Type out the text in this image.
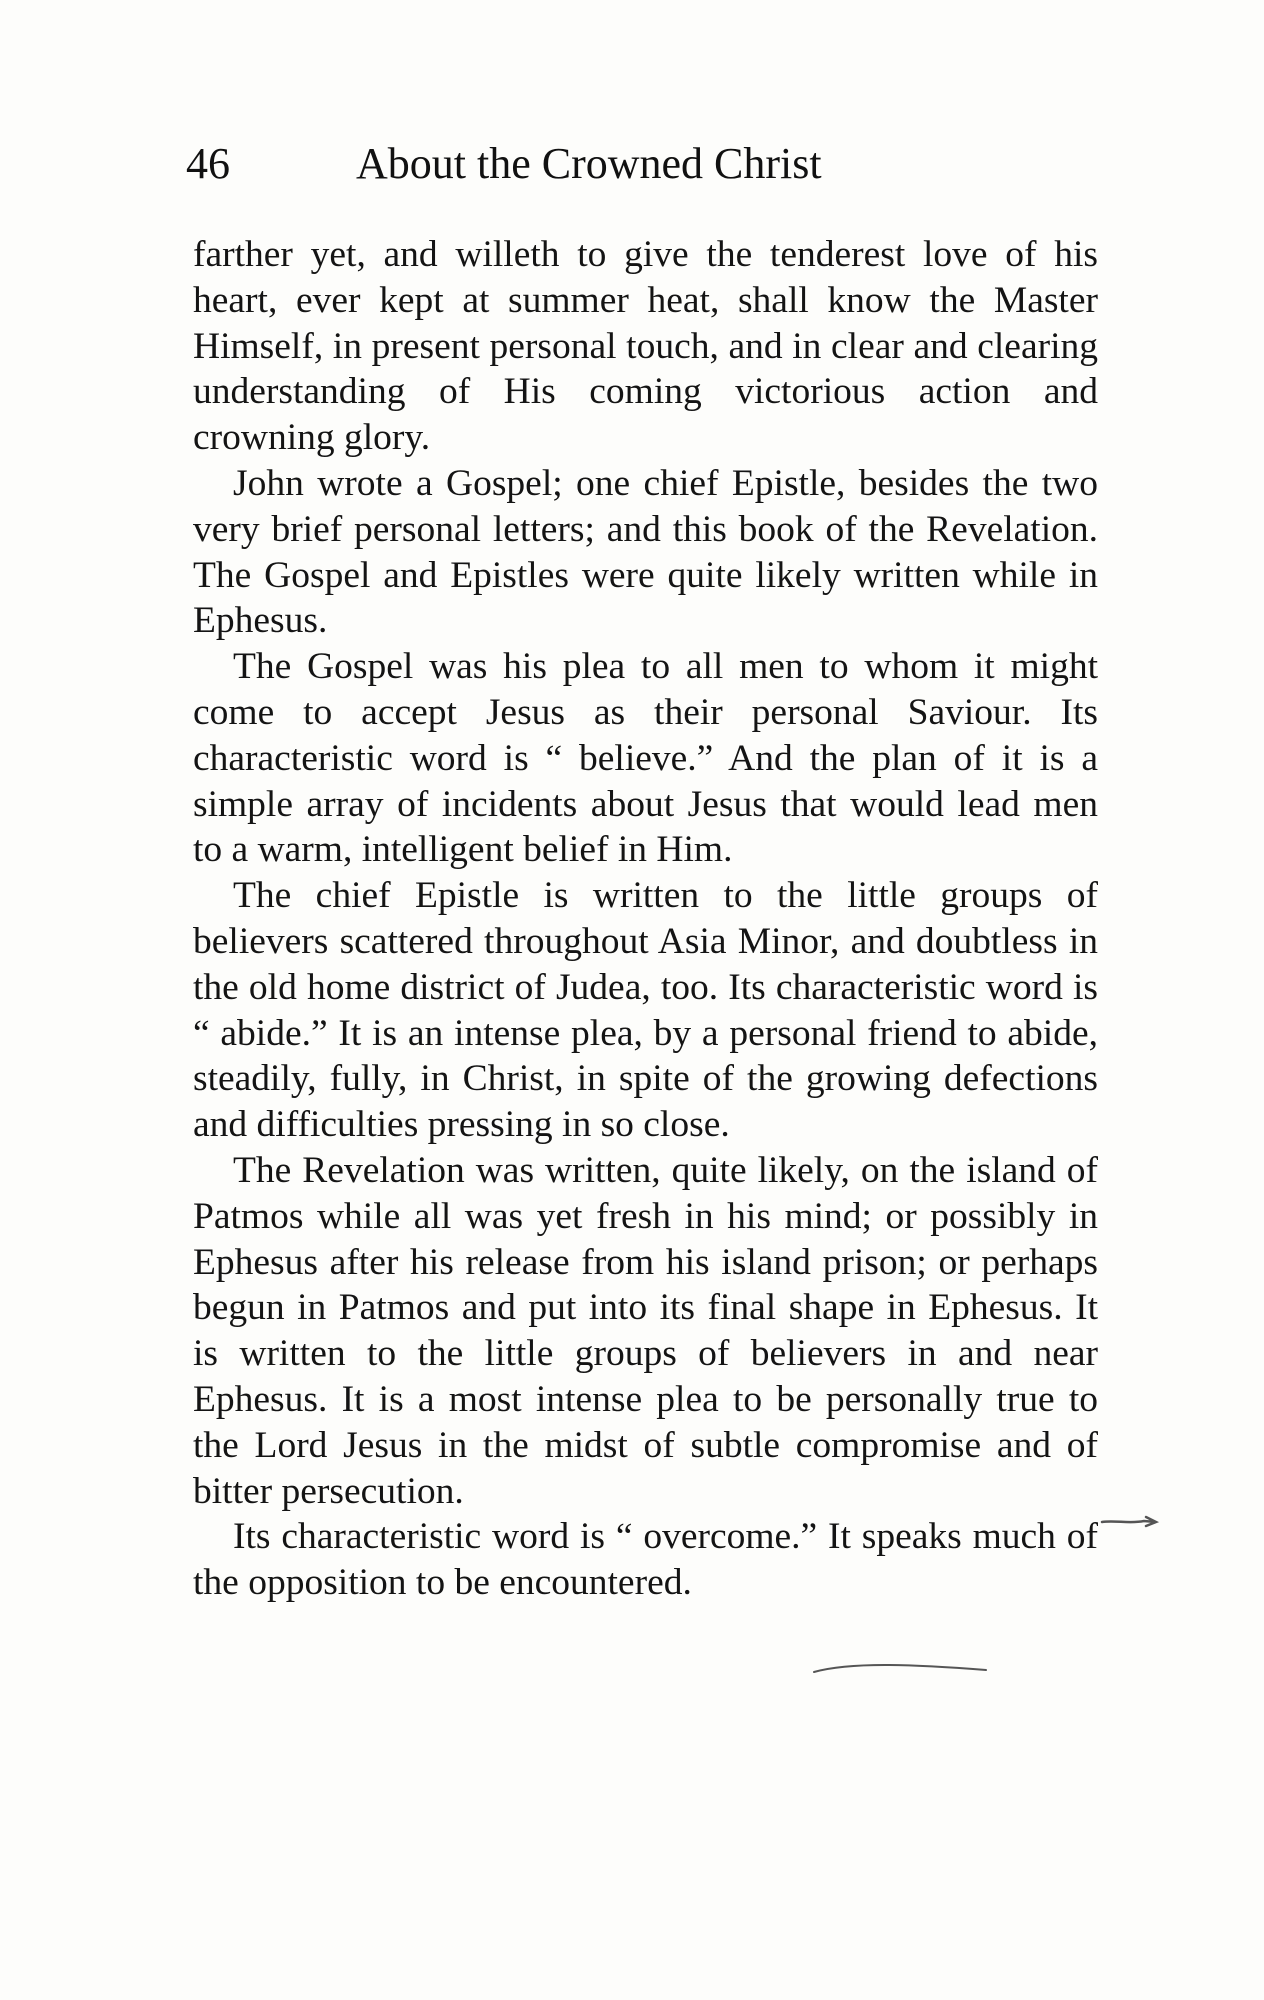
46	About the Crowned Christ

farther yet, and willeth to give the tenderest love of his heart, ever kept at summer heat, shall know the Master Himself, in present personal touch, and in clear and clearing understanding of His coming victorious action and crowning glory.

John wrote a Gospel; one chief Epistle, besides the two very brief personal letters; and this book of the Revelation. The Gospel and Epistles were quite likely written while in Ephesus.

The Gospel was his plea to all men to whom it might come to accept Jesus as their personal Saviour. Its characteristic word is “ believe.” And the plan of it is a simple array of incidents about Jesus that would lead men to a warm, intelligent belief in Him.

The chief Epistle is written to the little groups of believers scattered throughout Asia Minor, and doubtless in the old home district of Judea, too. Its characteristic word is “ abide.” It is an intense plea, by a personal friend to abide, steadily, fully, in Christ, in spite of the growing defections and difficulties pressing in so close.

The Revelation was written, quite likely, on the island of Patmos while all was yet fresh in his mind; or possibly in Ephesus after his release from his island prison; or perhaps begun in Patmos and put into its final shape in Ephesus. It is written to the little groups of believers in and near Ephesus. It is a most intense plea to be personally true to the Lord Jesus in the midst of subtle compromise and of bitter persecution.

Its characteristic word is “ overcome.” It speaks much of the opposition to be encountered.
